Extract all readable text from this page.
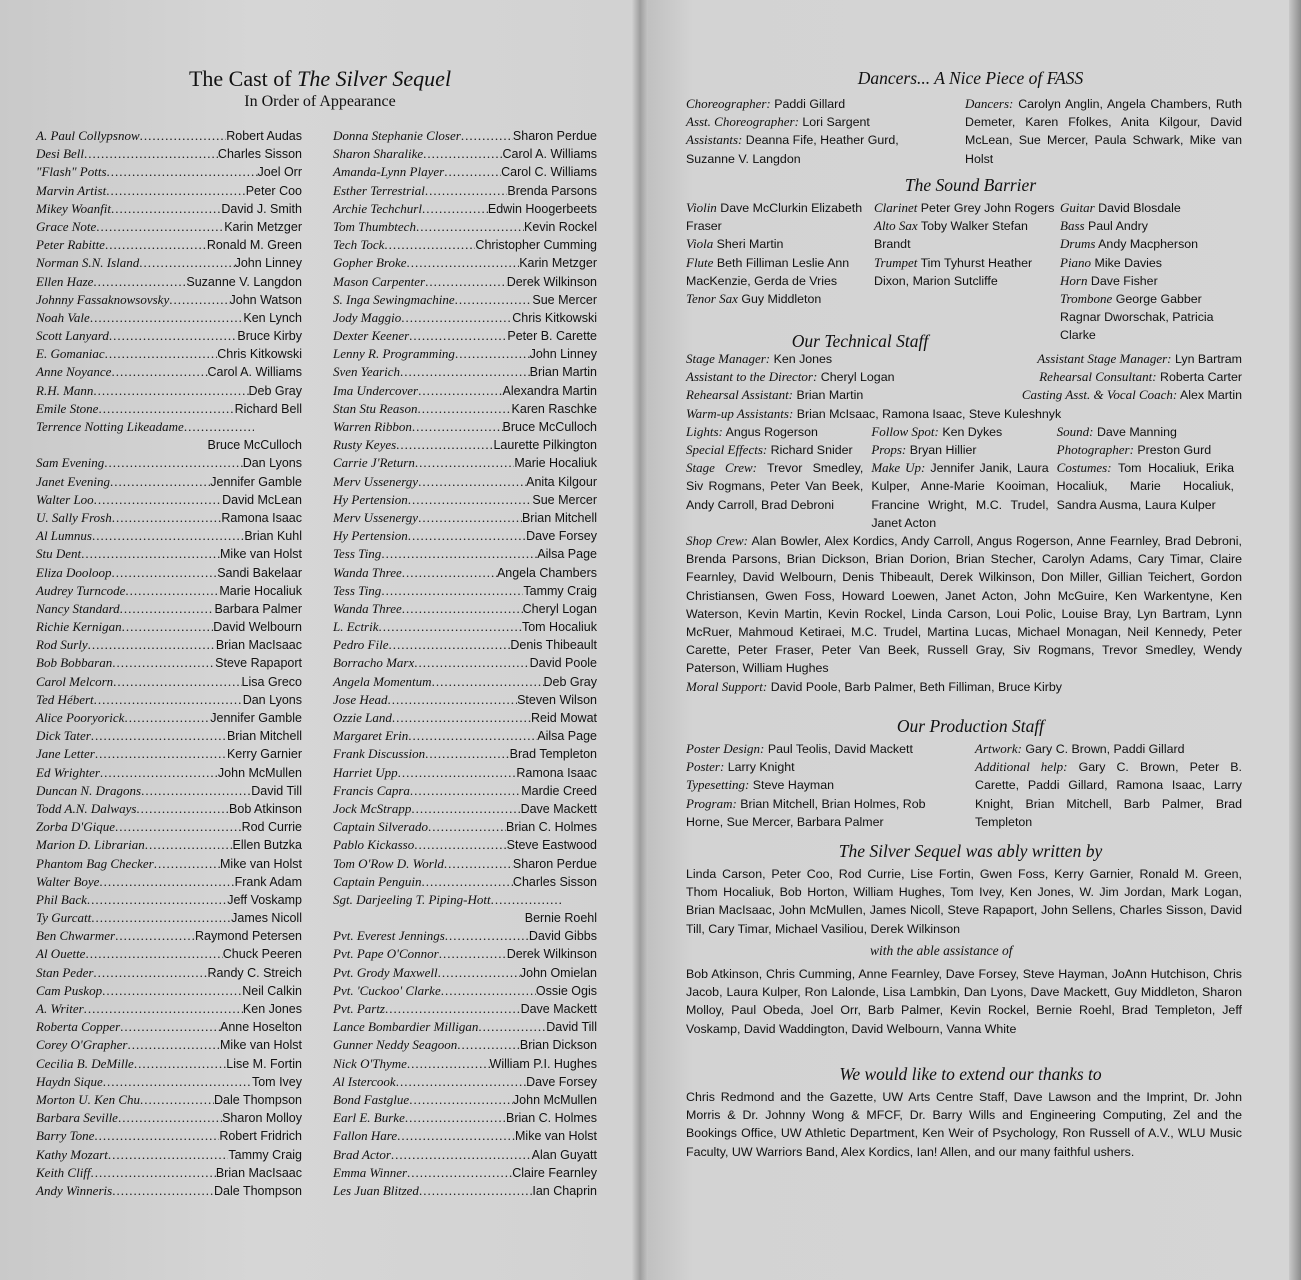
The Cast of The Silver Sequel
In Order of Appearance
A. Paul Collypsnow .....	Robert Audas
Desi Bell .....	Charles Sisson
"Flash" Potts .....	Joel Orr
Marvin Artist .....	Peter Coo
Mikey Woanfit .....	David J. Smith
Grace Note .....	Karin Metzger
Peter Rabitte .....	Ronald M. Green
Norman S.N. Island .....	John Linney
Ellen Haze .....	Suzanne V. Langdon
Johnny Fassaknowsovsky .....	John Watson
Noah Vale .....	Ken Lynch
Scott Lanyard .....	Bruce Kirby
E. Gomaniac .....	Chris Kitkowski
Anne Noyance .....	Carol A. Williams
R.H. Mann .....	Deb Gray
Emile Stone .....	Richard Bell
Terrence Notting Likeadame
.....
Bruce McCulloch
Sam Evening .....	Dan Lyons
Janet Evening .....	Jennifer Gamble
Walter Loo .....	David McLean
U. Sally Frosh .....	Ramona Isaac
Al Lumnus .....	Brian Kuhl
Stu Dent .....	Mike van Holst
Eliza Dooloop .....	Sandi Bakelaar
Audrey Turncode .....	Marie Hocaliuk
Nancy Standard .....	Barbara Palmer
Richie Kernigan .....	David Welbourn
Rod Surly .....	Brian MacIsaac
Bob Bobbaran .....	Steve Rapaport
Carol Melcorn .....	Lisa Greco
Ted Hébert .....	Dan Lyons
Alice Pooryorick .....	Jennifer Gamble
Dick Tater .....	Brian Mitchell
Jane Letter .....	Kerry Garnier
Ed Wrighter .....	John McMullen
Duncan N. Dragons .....	David Till
Todd A.N. Dalways .....	Bob Atkinson
Zorba D'Gique .....	Rod Currie
Marion D. Librarian .....	Ellen Butzka
Phantom Bag Checker .....	Mike van Holst
Walter Boye .....	Frank Adam
Phil Back .....	Jeff Voskamp
Ty Gurcatt .....	James Nicoll
Ben Chwarmer .....	Raymond Petersen
Al Ouette .....	Chuck Peeren
Stan Peder .....	Randy C. Streich
Cam Puskop .....	Neil Calkin
A. Writer .....	Ken Jones
Roberta Copper .....	Anne Hoselton
Corey O'Grapher .....	Mike van Holst
Cecilia B. DeMille .....	Lise M. Fortin
Haydn Sique .....	Tom Ivey
Morton U. Ken Chu .....	Dale Thompson
Barbara Seville .....	Sharon Molloy
Barry Tone .....	Robert Fridrich
Kathy Mozart .....	Tammy Craig
Keith Cliff .....	Brian MacIsaac
Andy Winneris .....	Dale Thompson
Donna Stephanie Closer .....	Sharon Perdue
Sharon Sharalike .....	Carol A. Williams
Amanda-Lynn Player .....	Carol C. Williams
Esther Terrestrial .....	Brenda Parsons
Archie Techchurl .....	Edwin Hoogerbeets
Tom Thumbtech .....	Kevin Rockel
Tech Tock .....	Christopher Cumming
Gopher Broke .....	Karin Metzger
Mason Carpenter .....	Derek Wilkinson
S. Inga Sewingmachine .....	Sue Mercer
Jody Maggio .....	Chris Kitkowski
Dexter Keener .....	Peter B. Carette
Lenny R. Programming .....	John Linney
Sven Yearich .....	Brian Martin
Ima Undercover .....	Alexandra Martin
Stan Stu Reason .....	Karen Raschke
Warren Ribbon .....	Bruce McCulloch
Rusty Keyes .....	Laurette Pilkington
Carrie J'Return .....	Marie Hocaliuk
Merv Ussenergy .....	Anita Kilgour
Hy Pertension .....	Sue Mercer
Merv Ussenergy .....	Brian Mitchell
Hy Pertension .....	Dave Forsey
Tess Ting .....	Ailsa Page
Wanda Three .....	Angela Chambers
Tess Ting .....	Tammy Craig
Wanda Three .....	Cheryl Logan
L. Ectrik .....	Tom Hocaliuk
Pedro File .....	Denis Thibeault
Borracho Marx .....	David Poole
Angela Momentum .....	Deb Gray
Jose Head .....	Steven Wilson
Ozzie Land .....	Reid Mowat
Margaret Erin .....	Ailsa Page
Frank Discussion .....	Brad Templeton
Harriet Upp .....	Ramona Isaac
Francis Capra .....	Mardie Creed
Jock McStrapp .....	Dave Mackett
Captain Silverado .....	Brian C. Holmes
Pablo Kickasso .....	Steve Eastwood
Tom O'Row D. World .....	Sharon Perdue
Captain Penguin .....	Charles Sisson
Sgt. Darjeeling T. Piping-Hott
.....
Bernie Roehl
Pvt. Everest Jennings .....	David Gibbs
Pvt. Pape O'Connor .....	Derek Wilkinson
Pvt. Grody Maxwell .....	John Omielan
Pvt. 'Cuckoo' Clarke .....	Ossie Ogis
Pvt. Partz .....	Dave Mackett
Lance Bombardier Milligan .....	David Till
Gunner Neddy Seagoon .....	Brian Dickson
Nick O'Thyme .....	William P.I. Hughes
Al Istercook .....	Dave Forsey
Bond Fastglue .....	John McMullen
Earl E. Burke .....	Brian C. Holmes
Fallon Hare .....	Mike van Holst
Brad Actor .....	Alan Guyatt
Emma Winner .....	Claire Fearnley
Les Juan Blitzed .....	Ian Chaprin
Dancers... A Nice Piece of FASS
Choreographer: Paddi Gillard
Asst. Choreographer: Lori Sargent
Assistants: Deanna Fife, Heather Gurd, Suzanne V. Langdon
Dancers: Carolyn Anglin, Angela Chambers, Ruth Demeter, Karen Ffolkes, Anita Kilgour, David McLean, Sue Mercer, Paula Schwark, Mike van Holst
The Sound Barrier
Violin Dave McClurkin Elizabeth Fraser
Viola Sheri Martin
Flute Beth Filliman Leslie Ann MacKenzie, Gerda de Vries
Tenor Sax Guy Middleton
Clarinet Peter Grey John Rogers
Alto Sax Toby Walker Stefan Brandt
Trumpet Tim Tyhurst Heather Dixon, Marion Sutcliffe
Guitar David Blosdale
Bass Paul Andry
Drums Andy Macpherson
Piano Mike Davies
Horn Dave Fisher
Trombone George Gabber Ragnar Dworschak, Patricia Clarke
Our Technical Staff
Stage Manager: Ken Jones	Assistant Stage Manager: Lyn Bartram
Assistant to the Director: Cheryl Logan	Rehearsal Consultant: Roberta Carter
Rehearsal Assistant: Brian Martin	Casting Asst. & Vocal Coach: Alex Martin
Warm-up Assistants: Brian McIsaac, Ramona Isaac, Steve Kuleshnyk
Lights: Angus Rogerson	Follow Spot: Ken Dykes	Sound: Dave Manning
Special Effects: Richard Snider	Props: Bryan Hillier	Photographer: Preston Gurd
Stage Crew: Trevor Smedley, Siv Rogmans, Peter Van Beek, Andy Carroll, Brad Debroni
Make Up: Jennifer Janik, Laura Kulper, Anne-Marie Kooiman, Francine Wright, M.C. Trudel, Janet Acton
Costumes: Tom Hocaliuk, Erika Hocaliuk, Marie Hocaliuk, Sandra Ausma, Laura Kulper
Shop Crew: Alan Bowler, Alex Kordics, Andy Carroll, Angus Rogerson, Anne Fearnley, Brad Debroni, Brenda Parsons, Brian Dickson, Brian Dorion, Brian Stecher, Carolyn Adams, Cary Timar, Claire Fearnley, David Welbourn, Denis Thibeault, Derek Wilkinson, Don Miller, Gillian Teichert, Gordon Christiansen, Gwen Foss, Howard Loewen, Janet Acton, John McGuire, Ken Warkentyne, Ken Waterson, Kevin Martin, Kevin Rockel, Linda Carson, Loui Polic, Louise Bray, Lyn Bartram, Lynn McRuer, Mahmoud Ketiraei, M.C. Trudel, Martina Lucas, Michael Monagan, Neil Kennedy, Peter Carette, Peter Fraser, Peter Van Beek, Russell Gray, Siv Rogmans, Trevor Smedley, Wendy Paterson, William Hughes
Moral Support: David Poole, Barb Palmer, Beth Filliman, Bruce Kirby
Our Production Staff
Poster Design: Paul Teolis, David Mackett
Poster: Larry Knight
Typesetting: Steve Hayman
Program: Brian Mitchell, Brian Holmes, Rob Horne, Sue Mercer, Barbara Palmer
Artwork: Gary C. Brown, Paddi Gillard
Additional help: Gary C. Brown, Peter B. Carette, Paddi Gillard, Ramona Isaac, Larry Knight, Brian Mitchell, Barb Palmer, Brad Templeton
The Silver Sequel was ably written by
Linda Carson, Peter Coo, Rod Currie, Lise Fortin, Gwen Foss, Kerry Garnier, Ronald M. Green, Thom Hocaliuk, Bob Horton, William Hughes, Tom Ivey, Ken Jones, W. Jim Jordan, Mark Logan, Brian MacIsaac, John McMullen, James Nicoll, Steve Rapaport, John Sellens, Charles Sisson, David Till, Cary Timar, Michael Vasiliou, Derek Wilkinson
with the able assistance of
Bob Atkinson, Chris Cumming, Anne Fearnley, Dave Forsey, Steve Hayman, JoAnn Hutchison, Chris Jacob, Laura Kulper, Ron Lalonde, Lisa Lambkin, Dan Lyons, Dave Mackett, Guy Middleton, Sharon Molloy, Paul Obeda, Joel Orr, Barb Palmer, Kevin Rockel, Bernie Roehl, Brad Templeton, Jeff Voskamp, David Waddington, David Welbourn, Vanna White
We would like to extend our thanks to
Chris Redmond and the Gazette, UW Arts Centre Staff, Dave Lawson and the Imprint, Dr. John Morris & Dr. Johnny Wong & MFCF, Dr. Barry Wills and Engineering Computing, Zel and the Bookings Office, UW Athletic Department, Ken Weir of Psychology, Ron Russell of A.V., WLU Music Faculty, UW Warriors Band, Alex Kordics, Ian! Allen, and our many faithful ushers.
